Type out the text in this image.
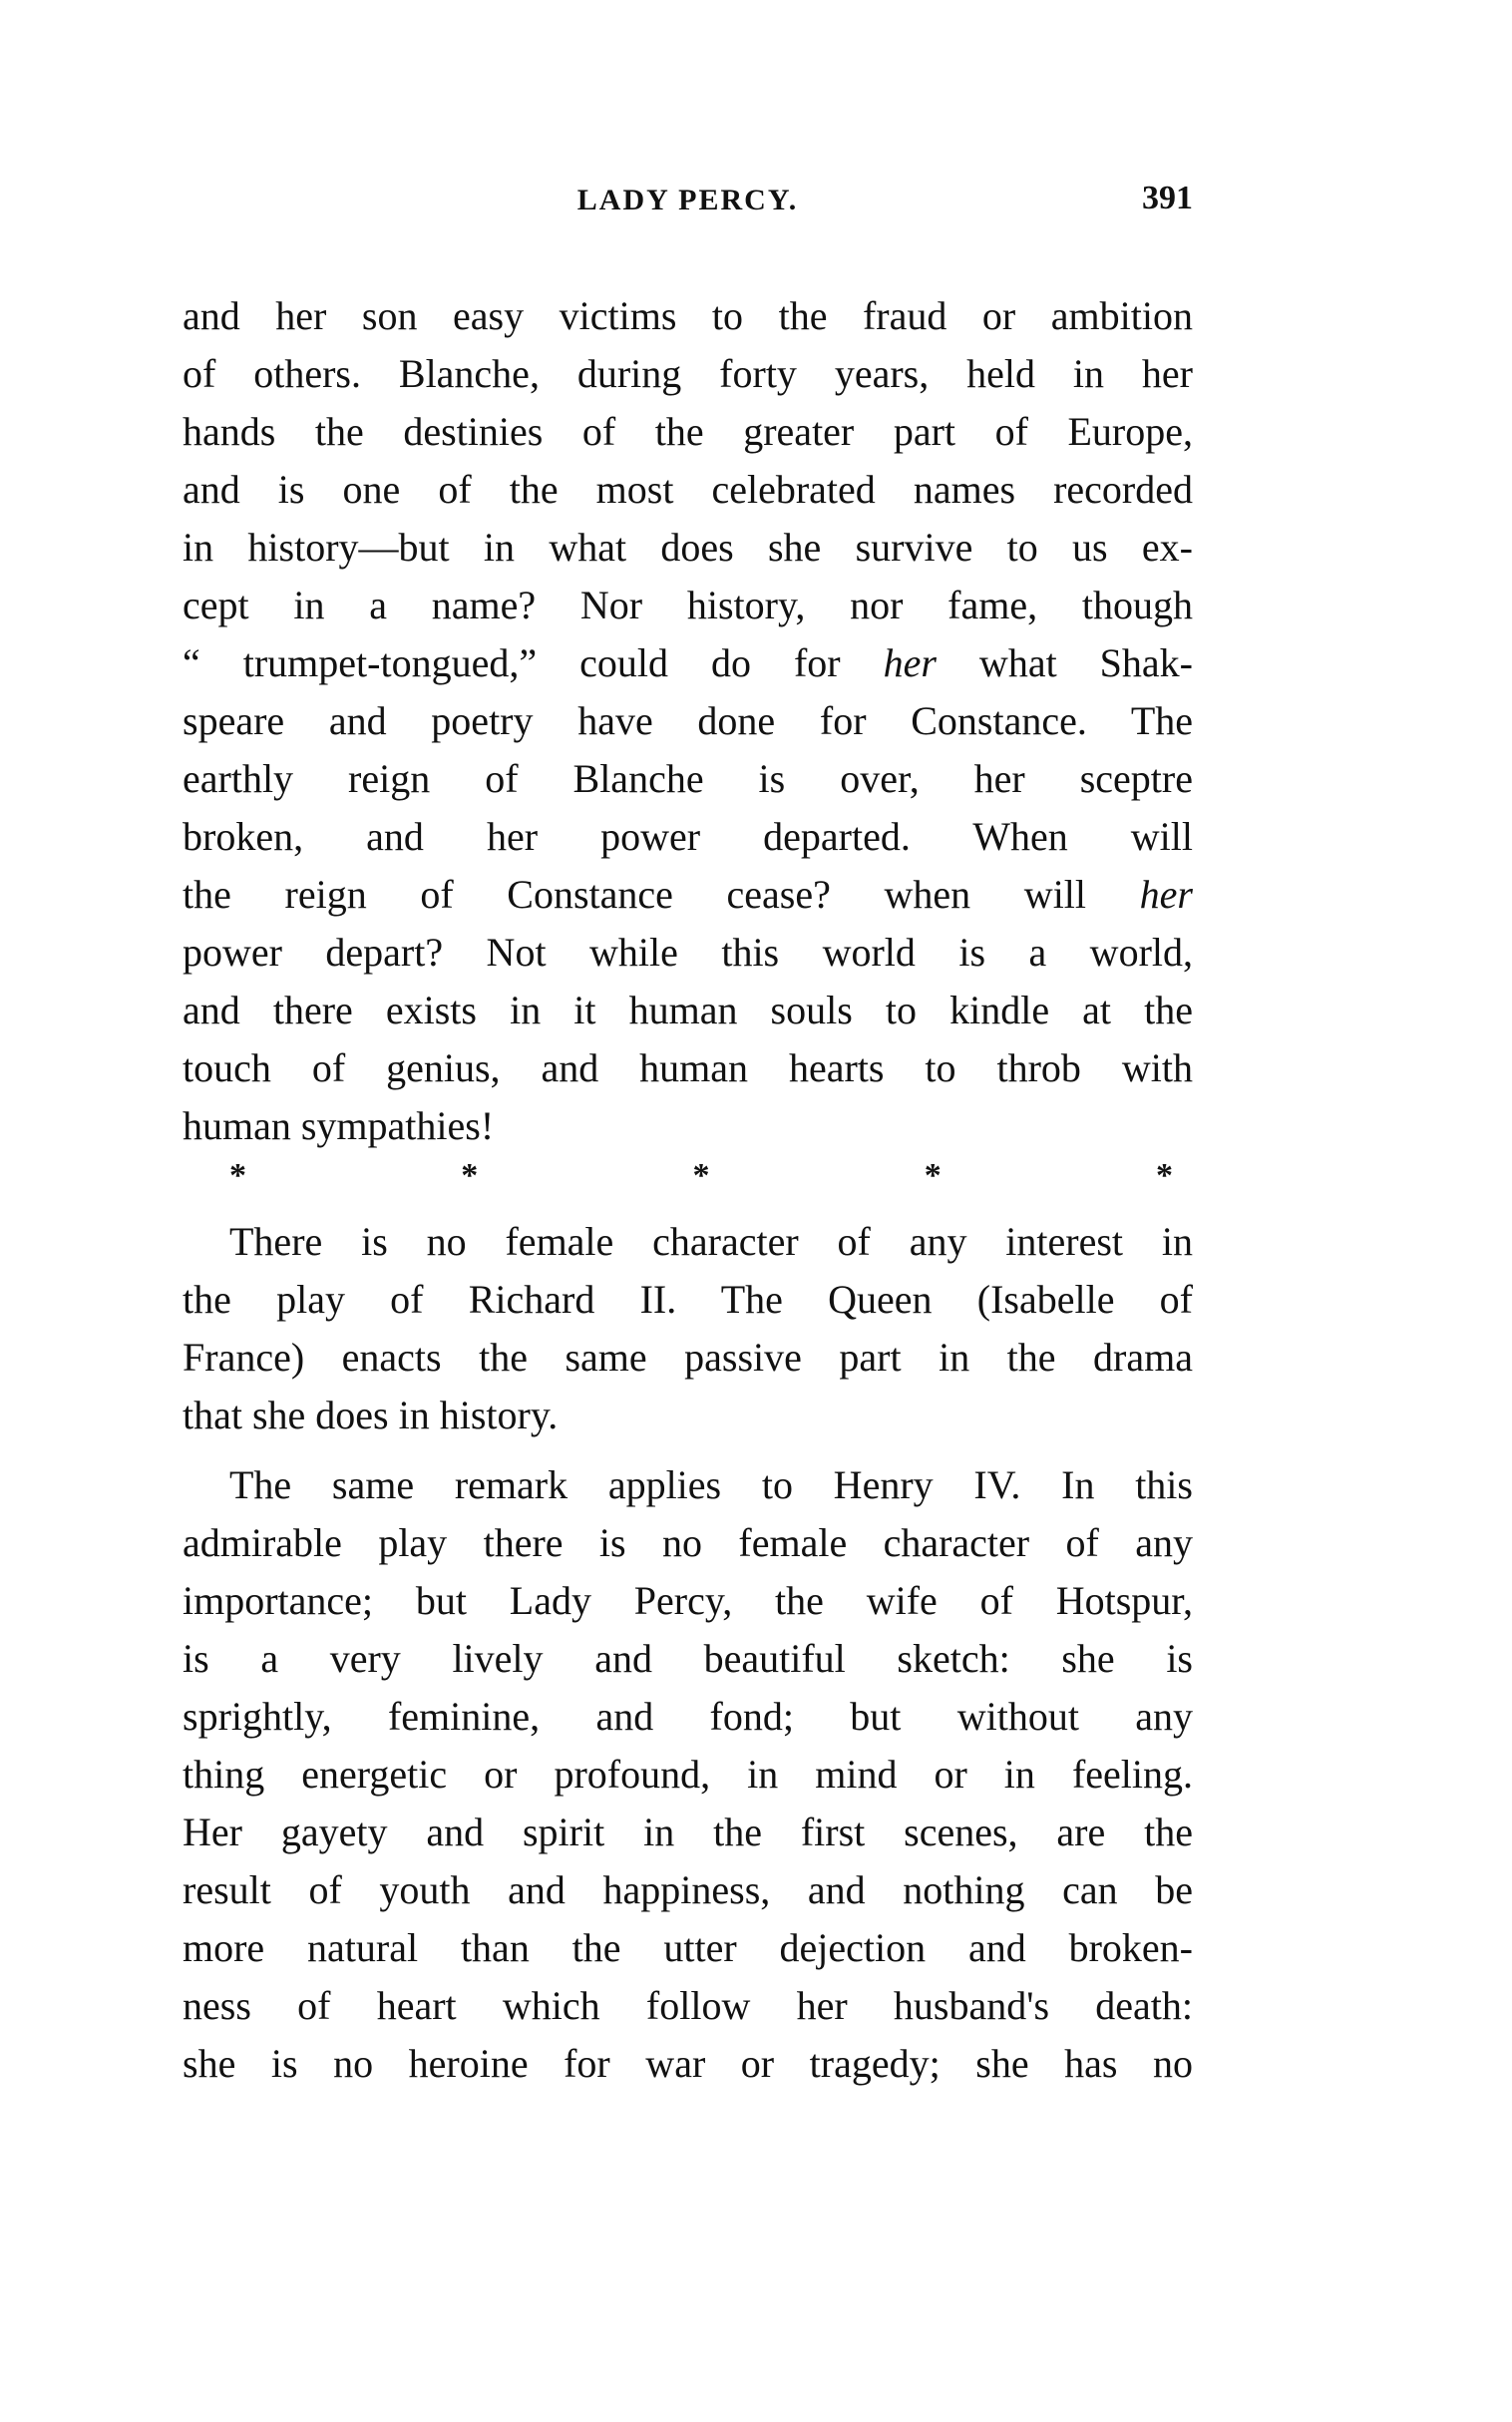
LADY PERCY.	391
and her son easy victims to the fraud or ambition
of others. Blanche, during forty years, held in her
hands the destinies of the greater part of Europe,
and is one of the most celebrated names recorded
in history—but in what does she survive to us ex-
cept in a name? Nor history, nor fame, though
“ trumpet-tongued,” could do for her what Shak-
speare and poetry have done for Constance. The
earthly reign of Blanche is over, her sceptre
broken, and her power departed. When will
the reign of Constance cease? when will her
power depart? Not while this world is a world,
and there exists in it human souls to kindle at the
touch of genius, and human hearts to throb with
human sympathies!
*	*	*	*	*
There is no female character of any interest in
the play of Richard II. The Queen (Isabelle of
France) enacts the same passive part in the drama
that she does in history.
The same remark applies to Henry IV. In this
admirable play there is no female character of any
importance; but Lady Percy, the wife of Hotspur,
is a very lively and beautiful sketch: she is
sprightly, feminine, and fond; but without any
thing energetic or profound, in mind or in feeling.
Her gayety and spirit in the first scenes, are the
result of youth and happiness, and nothing can be
more natural than the utter dejection and broken-
ness of heart which follow her husband's death:
she is no heroine for war or tragedy; she has no
